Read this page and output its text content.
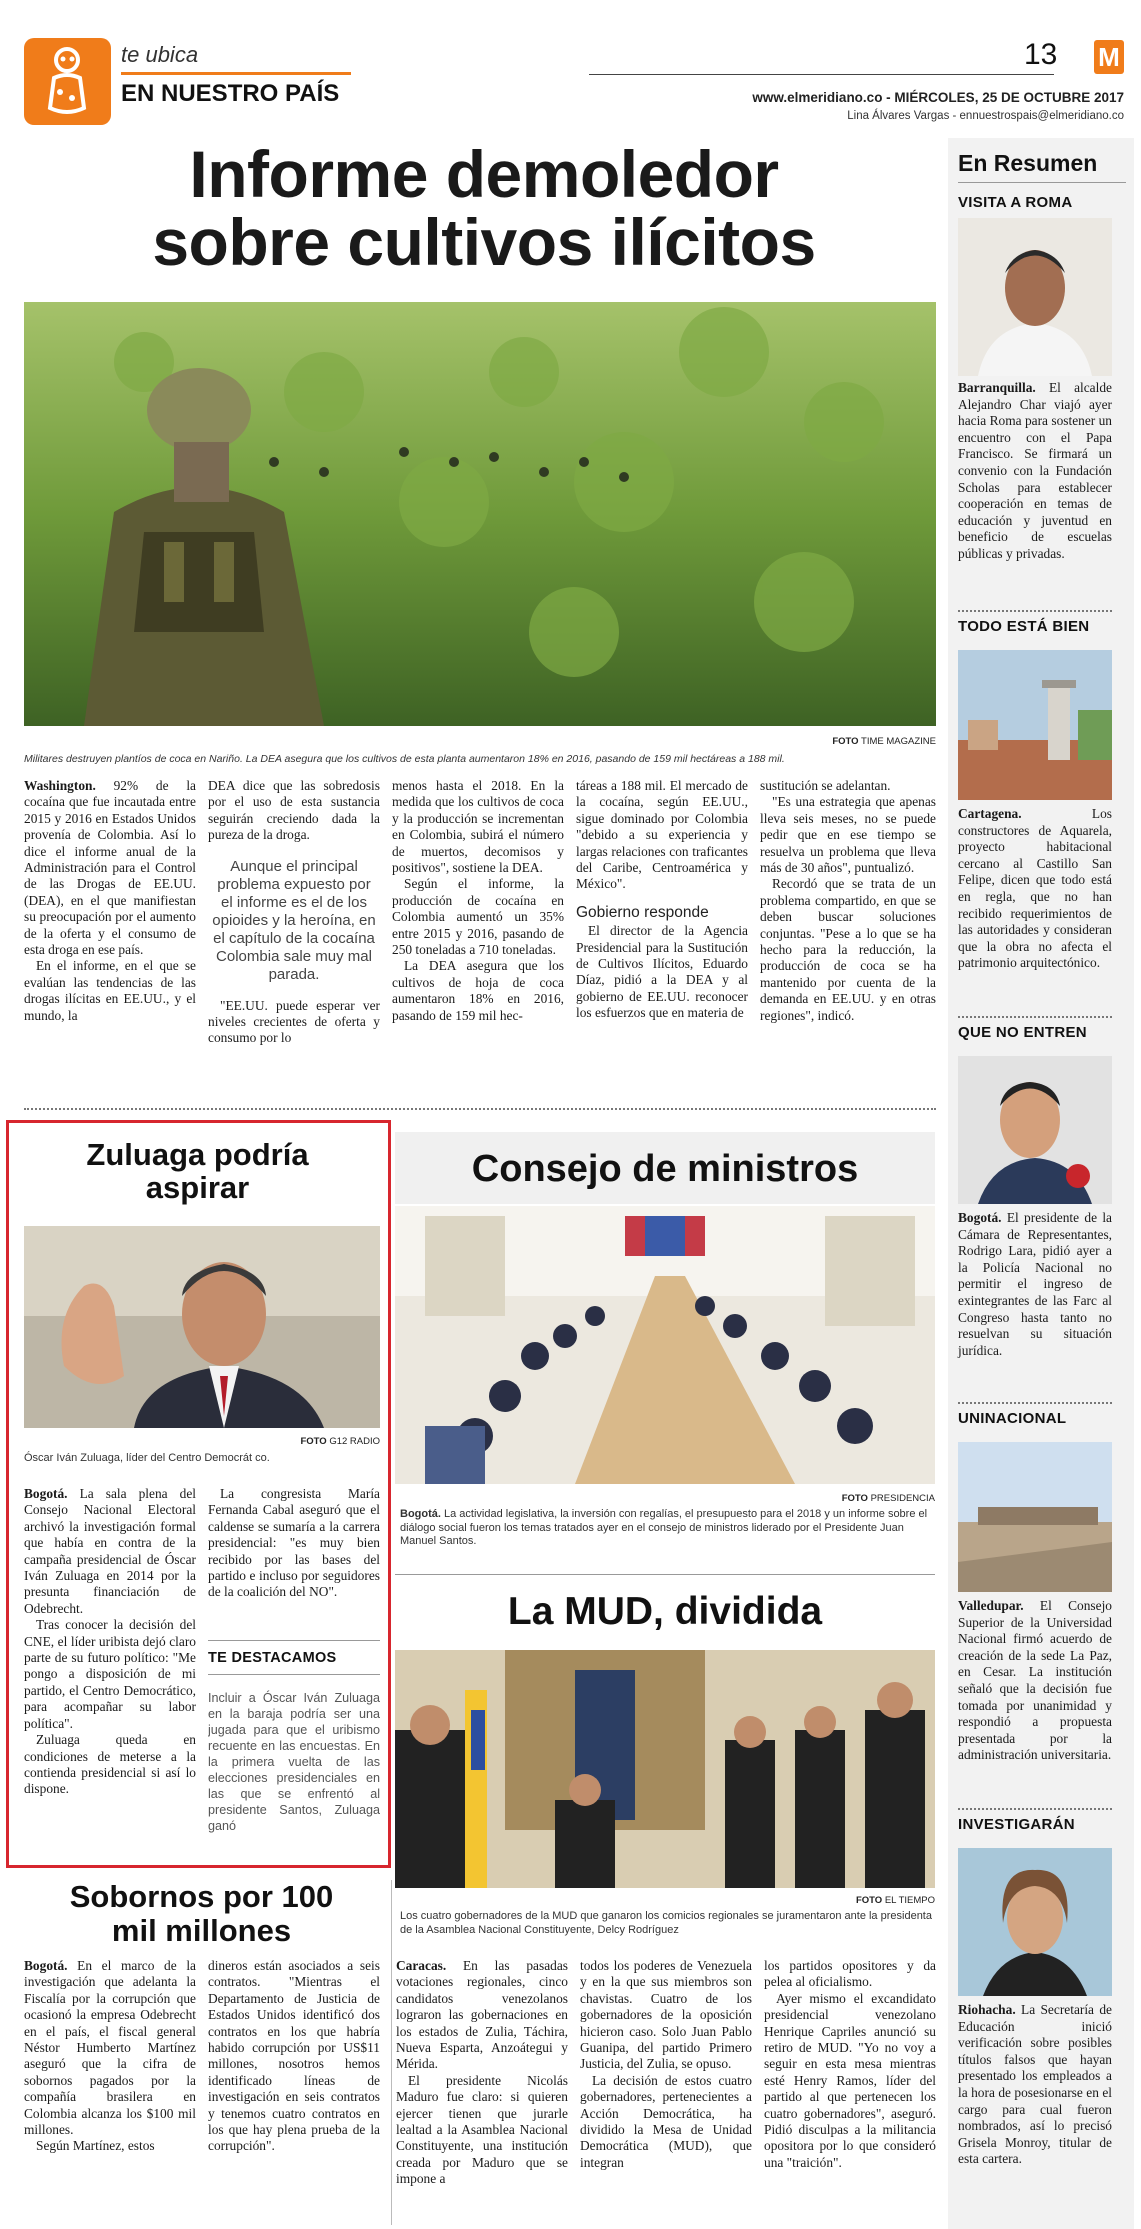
te ubica
EN NUESTRO PAÍS
13 M
www.elmeridiano.co - MIÉRCOLES, 25 DE OCTUBRE 2017
Lina Álvares Vargas - ennuestrospais@elmeridiano.co
Informe demoledor
sobre cultivos ilícitos
Militares destruyen plantíos de coca en Nariño. La DEA asegura que los cultivos de esta planta aumentaron 18% en 2016, pasando de 159 mil hectáreas a 188 mil.
FOTO TIME MAGAZINE

Washington. 92% de la cocaína que fue incautada entre 2015 y 2016 en Estados Unidos provenía de Colombia. Así lo dice el informe anual de la Administración para el Control de las Drogas de EE.UU. (DEA), en el que manifiestan su preocupación por el aumento de la oferta y el consumo de esta droga en ese país.

En el informe, en el que se evalúan las tendencias de las drogas ilícitas en EE.UU., y el mundo, la

DEA dice que las sobredosis por el uso de esta sustancia seguirán creciendo dada la pureza de la droga.

Aunque el principal problema expuesto por el informe es el de los opioides y la heroína, en el capítulo de la cocaína Colombia sale muy mal parada.

"EE.UU. puede esperar ver niveles crecientes de oferta y consumo por lo

menos hasta el 2018. En la medida que los cultivos de coca y la producción se incrementan en Colombia, subirá el número de muertos, decomisos y positivos", sostiene la DEA.

Según el informe, la producción de cocaína en Colombia aumentó un 35% entre 2015 y 2016, pasando de 250 toneladas a 710 toneladas.

La DEA asegura que los cultivos de hoja de coca aumentaron 18% en 2016, pasando de 159 mil hec-

táreas a 188 mil. El mercado de la cocaína, según EE.UU., sigue dominado por Colombia "debido a su experiencia y largas relaciones con traficantes del Caribe, Centroamérica y México".

Gobierno responde

El director de la Agencia Presidencial para la Sustitución de Cultivos Ilícitos, Eduardo Díaz, pidió a la DEA y al gobierno de EE.UU. reconocer los esfuerzos que en materia de

sustitución se adelantan.

"Es una estrategia que apenas lleva seis meses, no se puede pedir que en ese tiempo se resuelva un problema que lleva más de 30 años", puntualizó.

Recordó que se trata de un problema compartido, en que se deben buscar soluciones conjuntas. "Pese a lo que se ha hecho para la reducción, la producción de coca se ha mantenido por cuenta de la demanda en EE.UU. y en otras regiones", indicó.

Zuluaga podría
aspirar
FOTO G12 RADIO
Óscar Iván Zuluaga, líder del Centro Democrát co.

Bogotá. La sala plena del Consejo Nacional Electoral archivó la investigación formal que había en contra de la campaña presidencial de Óscar Iván Zuluaga en 2014 por la presunta financiación de Odebrecht.

Tras conocer la decisión del CNE, el líder uribista dejó claro parte de su futuro político: "Me pongo a disposición de mi partido, el Centro Democrático, para acompañar su labor política".

Zuluaga queda en condiciones de meterse a la contienda presidencial si así lo dispone.

La congresista María Fernanda Cabal aseguró que el caldense se sumaría a la carrera presidencial: "es muy bien recibido por las bases del partido e incluso por seguidores de la coalición del NO".

TE DESTACAMOS
Incluir a Óscar Iván Zuluaga en la baraja podría ser una jugada para que el uribismo recuente en las encuestas. En la primera vuelta de las elecciones presidenciales en las que se enfrentó al presidente Santos, Zuluaga ganó
Consejo de ministros
FOTO PRESIDENCIA
Bogotá. La actividad legislativa, la inversión con regalías, el presupuesto para el 2018 y un informe sobre el diálogo social fueron los temas tratados ayer en el consejo de ministros liderado por el Presidente Juan Manuel Santos.
La MUD, dividida
FOTO EL TIEMPO
Los cuatro gobernadores de la MUD que ganaron los comicios regionales se juramentaron ante la presidenta de la Asamblea Nacional Constituyente, Delcy Rodríguez

Caracas. En las pasadas votaciones regionales, cinco candidatos venezolanos lograron las gobernaciones en los estados de Zulia, Táchira, Nueva Esparta, Anzoátegui y Mérida.

El presidente Nicolás Maduro fue claro: si quieren ejercer tienen que jurarle lealtad a la Asamblea Nacional Constituyente, una institución creada por Maduro que se impone a

todos los poderes de Venezuela y en la que sus miembros son chavistas. Cuatro de los gobernadores de la oposición hicieron caso. Solo Juan Pablo Guanipa, del partido Primero Justicia, del Zulia, se opuso.

La decisión de estos cuatro gobernadores, pertenecientes a Acción Democrática, ha dividido la Mesa de Unidad Democrática (MUD), que integran

los partidos opositores y da pelea al oficialismo.

Ayer mismo el excandidato presidencial venezolano Henrique Capriles anunció su retiro de MUD. "Yo no voy a seguir en esta mesa mientras esté Henry Ramos, líder del partido al que pertenecen los cuatro gobernadores", aseguró. Pidió disculpas a la militancia opositora por lo que consideró una "traición".

Sobornos por 100
mil millones

Bogotá. En el marco de la investigación que adelanta la Fiscalía por la corrupción que ocasionó la empresa Odebrecht en el país, el fiscal general Néstor Humberto Martínez aseguró que la cifra de sobornos pagados por la compañía brasilera en Colombia alcanza los $100 mil millones.

Según Martínez, estos

dineros están asociados a seis contratos. "Mientras el Departamento de Justicia de Estados Unidos identificó dos contratos en los que habría habido corrupción por US$11 millones, nosotros hemos identificado líneas de investigación en seis contratos y tenemos cuatro contratos en los que hay plena prueba de la corrupción".

En Resumen
VISITA A ROMA
Barranquilla. El alcalde Alejandro Char viajó ayer hacia Roma para sostener un encuentro con el Papa Francisco. Se firmará un convenio con la Fundación Scholas para establecer cooperación en temas de educación y juventud en beneficio de escuelas públicas y privadas.
TODO ESTÁ BIEN
Cartagena.	Los constructores de Aquarela, proyecto habitacional cercano al Castillo San Felipe, dicen que todo está en regla, que no han recibido requerimientos de las autoridades y consideran que la obra no afecta el patrimonio arquitectónico.
QUE NO ENTREN
Bogotá. El presidente de la Cámara de Representantes, Rodrigo Lara, pidió ayer a la Policía Nacional no permitir el ingreso de exintegrantes de las Farc al Congreso hasta tanto no resuelvan su situación jurídica.
UNINACIONAL
Valledupar. El Consejo Superior de la Universidad Nacional firmó acuerdo de creación de la sede La Paz, en Cesar. La institución señaló que la decisión fue tomada por unanimidad y respondió a propuesta presentada por la administración universitaria.
INVESTIGARÁN
Riohacha. La Secretaría de Educación inició verificación sobre posibles títulos falsos que hayan presentado los empleados a la hora de posesionarse en el cargo para cual fueron nombrados, así lo precisó Grisela Monroy, titular de esta cartera.
